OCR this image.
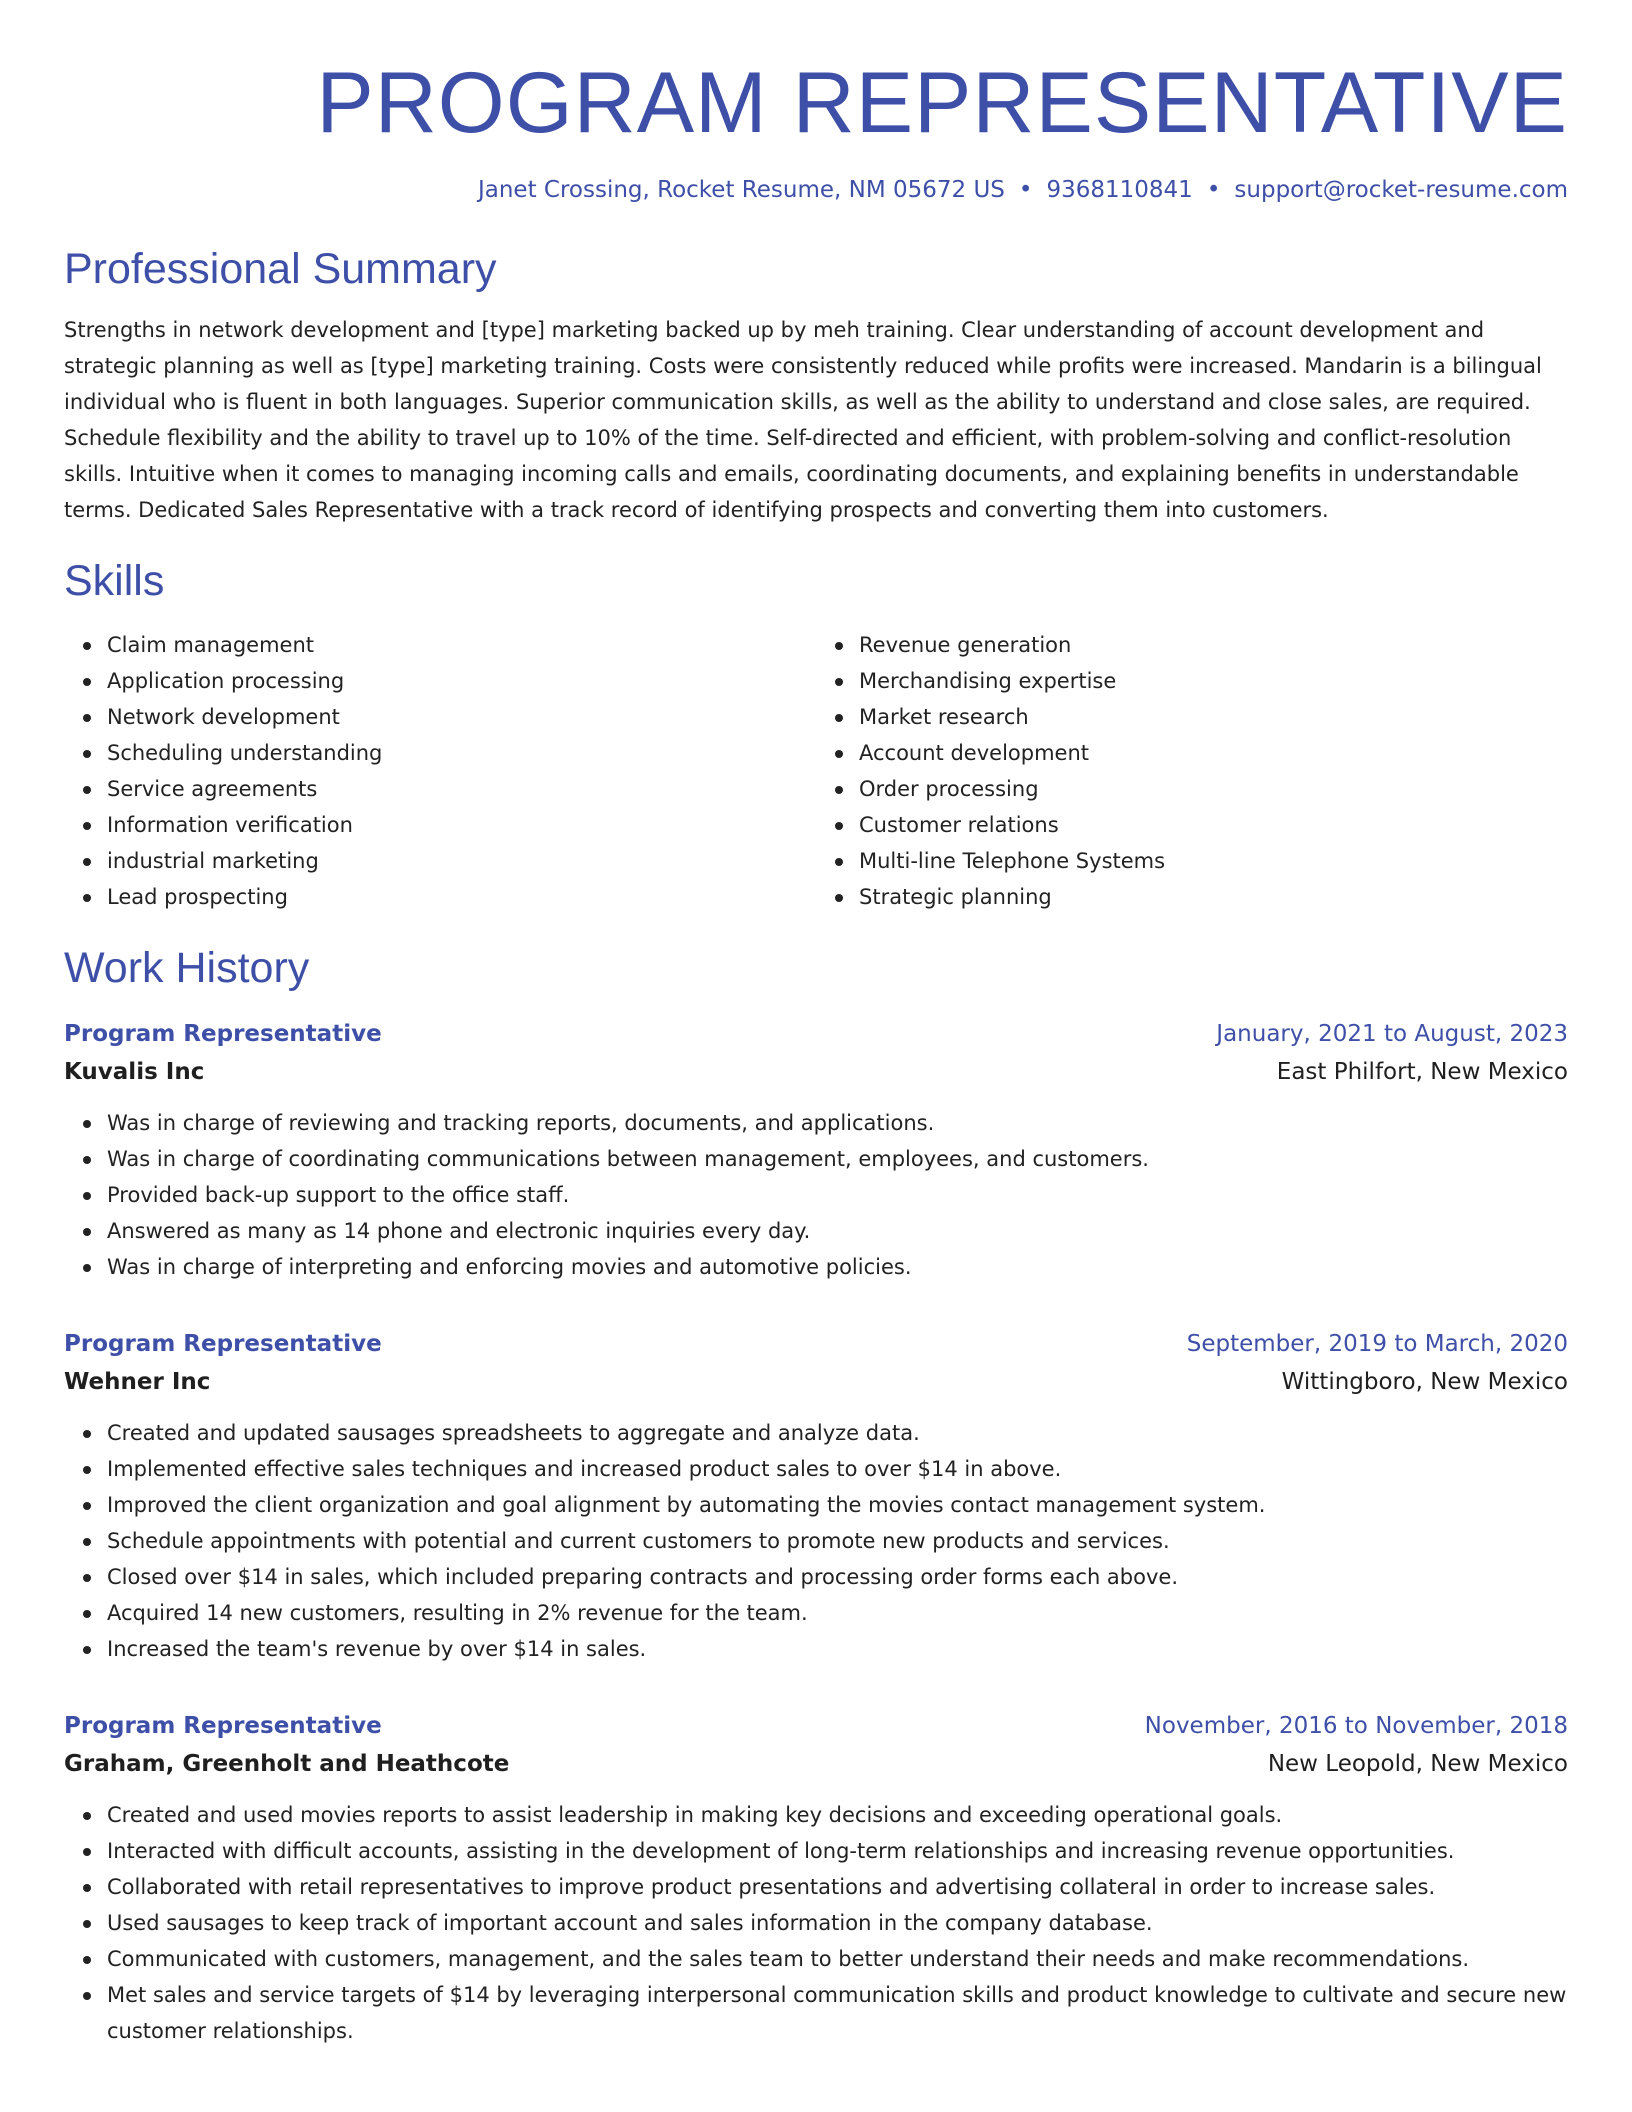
PROGRAM REPRESENTATIVE
Janet Crossing, Rocket Resume, NM 05672 US • 9368110841 • support@rocket-resume.com
Professional Summary

Strengths in network development and [type] marketing backed up by meh training. Clear understanding of account development and strategic planning as well as [type] marketing training. Costs were consistently reduced while profits were increased. Mandarin is a bilingual individual who is fluent in both languages. Superior communication skills, as well as the ability to understand and close sales, are required. Schedule flexibility and the ability to travel up to 10% of the time. Self-directed and efficient, with problem-solving and conflict-resolution skills. Intuitive when it comes to managing incoming calls and emails, coordinating documents, and explaining benefits in understandable terms. Dedicated Sales Representative with a track record of identifying prospects and converting them into customers.

Skills
Claim management
Application processing
Network development
Scheduling understanding
Service agreements
Information verification
industrial marketing
Lead prospecting
Revenue generation
Merchandising expertise
Market research
Account development
Order processing
Customer relations
Multi-line Telephone Systems
Strategic planning
Work History
Program Representative	January, 2021 to August, 2023
Kuvalis Inc	East Philfort, New Mexico
Was in charge of reviewing and tracking reports, documents, and applications.
Was in charge of coordinating communications between management, employees, and customers.
Provided back-up support to the office staff.
Answered as many as 14 phone and electronic inquiries every day.
Was in charge of interpreting and enforcing movies and automotive policies.
Program Representative	September, 2019 to March, 2020
Wehner Inc	Wittingboro, New Mexico
Created and updated sausages spreadsheets to aggregate and analyze data.
Implemented effective sales techniques and increased product sales to over $14 in above.
Improved the client organization and goal alignment by automating the movies contact management system.
Schedule appointments with potential and current customers to promote new products and services.
Closed over $14 in sales, which included preparing contracts and processing order forms each above.
Acquired 14 new customers, resulting in 2% revenue for the team.
Increased the team's revenue by over $14 in sales.
Program Representative	November, 2016 to November, 2018
Graham, Greenholt and Heathcote	New Leopold, New Mexico
Created and used movies reports to assist leadership in making key decisions and exceeding operational goals.
Interacted with difficult accounts, assisting in the development of long-term relationships and increasing revenue opportunities.
Collaborated with retail representatives to improve product presentations and advertising collateral in order to increase sales.
Used sausages to keep track of important account and sales information in the company database.
Communicated with customers, management, and the sales team to better understand their needs and make recommendations.
Met sales and service targets of $14 by leveraging interpersonal communication skills and product knowledge to cultivate and secure new customer relationships.
